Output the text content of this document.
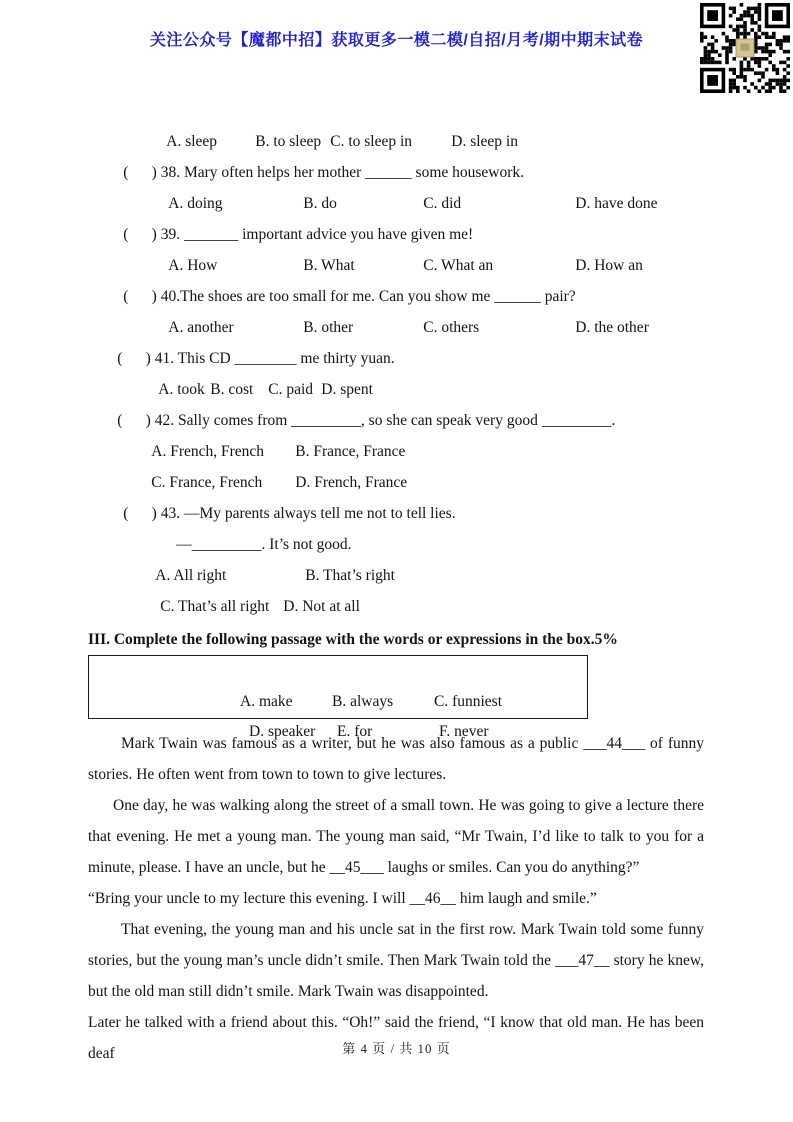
关注公众号【魔都中招】获取更多一模二模/自招/月考/期中期末试卷

A. sleep B. to sleep C. to sleep in	D. sleep in

(      ) 38. Mary often helps her mother ______ some housework.

A. doing	B. do	C. did	D. have done

(      ) 39. _______ important advice you have given me!

A. How	B. What	C. What an	D. How an

(      ) 40.The shoes are too small for me. Can you show me ______ pair?

A. another	B. other	C. others	D. the other

(      ) 41. This CD ________ me thirty yuan.

A. took B. cost C. paid D. spent

(      ) 42. Sally comes from _________, so she can speak very good _________.

A. French, French B. France, France

C. France, French D. French, France

(      ) 43. —My parents always tell me not to tell lies.

—_________. It’s not good.

A. All right	B. That’s right

C. That’s all right D. Not at all

III. Complete the following passage with the words or expressions in the box.5%

A. make	B. always	C. funniest

D. speaker E. for	F. never

Mark Twain was famous as a writer, but he was also famous as a public ___44___ of funny stories. He often went from town to town to give lectures.

One day, he was walking along the street of a small town. He was going to give a lecture there that evening. He met a young man. The young man said, “Mr Twain, I’d like to talk to you for a minute, please. I have an uncle, but he __45___ laughs or smiles. Can you do anything?”

“Bring your uncle to my lecture this evening. I will __46__ him laugh and smile.”

That evening, the young man and his uncle sat in the first row. Mark Twain told some funny stories, but the young man’s uncle didn’t smile. Then Mark Twain told the ___47__ story he knew, but the old man still didn’t smile. Mark Twain was disappointed.

Later he talked with a friend about this. “Oh!” said the friend, “I know that old man. He has been deaf	第 4 页 / 共 10 页
